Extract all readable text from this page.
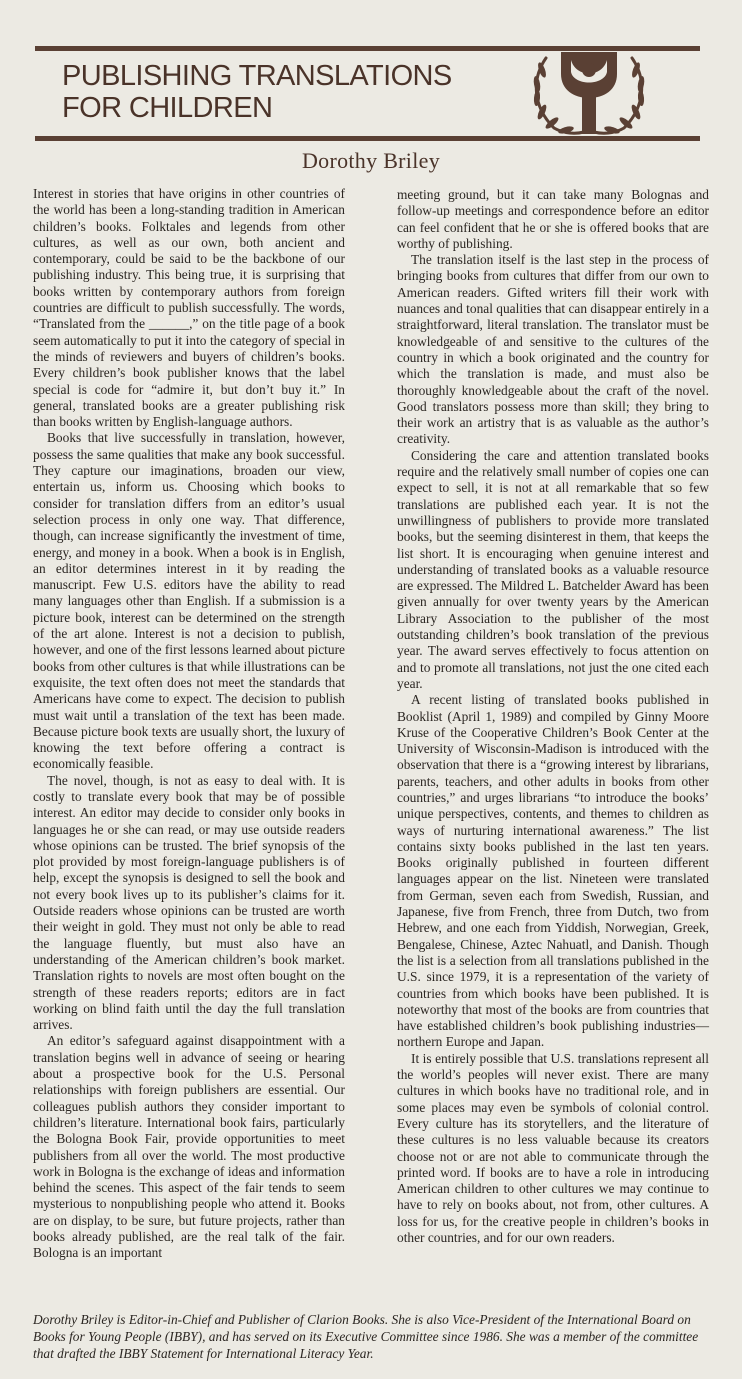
PUBLISHING TRANSLATIONS
FOR CHILDREN
Dorothy Briley

Interest in stories that have origins in other countries of the world has been a long-standing tradition in American children’s books. Folktales and legends from other cultures, as well as our own, both ancient and contemporary, could be said to be the backbone of our publishing industry. This being true, it is surprising that books written by contemporary authors from foreign countries are difficult to publish successfully. The words, “Translated from the ______,” on the title page of a book seem automatically to put it into the category of special in the minds of reviewers and buyers of children’s books. Every children’s book publisher knows that the label special is code for “admire it, but don’t buy it.” In general, translated books are a greater publishing risk than books written by English-language authors.

Books that live successfully in translation, however, possess the same qualities that make any book successful. They capture our imaginations, broaden our view, entertain us, inform us. Choosing which books to consider for translation differs from an editor’s usual selection process in only one way. That difference, though, can increase significantly the investment of time, energy, and money in a book. When a book is in English, an editor determines interest in it by reading the manuscript. Few U.S. editors have the ability to read many languages other than English. If a submission is a picture book, interest can be determined on the strength of the art alone. Interest is not a decision to publish, however, and one of the first lessons learned about picture books from other cultures is that while illustrations can be exquisite, the text often does not meet the standards that Americans have come to expect. The decision to publish must wait until a translation of the text has been made. Because picture book texts are usually short, the luxury of knowing the text before offering a contract is economically feasible.

The novel, though, is not as easy to deal with. It is costly to translate every book that may be of possible interest. An editor may decide to consider only books in languages he or she can read, or may use outside readers whose opinions can be trusted. The brief synopsis of the plot provided by most foreign-language publishers is of help, except the synopsis is designed to sell the book and not every book lives up to its publisher’s claims for it. Outside readers whose opinions can be trusted are worth their weight in gold. They must not only be able to read the language fluently, but must also have an understanding of the American children’s book market. Translation rights to novels are most often bought on the strength of these readers reports; editors are in fact working on blind faith until the day the full translation arrives.

An editor’s safeguard against disappointment with a translation begins well in advance of seeing or hearing about a prospective book for the U.S. Personal relationships with foreign publishers are essential. Our colleagues publish authors they consider important to children’s literature. International book fairs, particularly the Bologna Book Fair, provide opportunities to meet publishers from all over the world. The most productive work in Bologna is the exchange of ideas and information behind the scenes. This aspect of the fair tends to seem mysterious to nonpublishing people who attend it. Books are on display, to be sure, but future projects, rather than books already published, are the real talk of the fair. Bologna is an important

meeting ground, but it can take many Bolognas and follow-up meetings and correspondence before an editor can feel confident that he or she is offered books that are worthy of publishing.

The translation itself is the last step in the process of bringing books from cultures that differ from our own to American readers. Gifted writers fill their work with nuances and tonal qualities that can disappear entirely in a straightforward, literal translation. The translator must be knowledgeable of and sensitive to the cultures of the country in which a book originated and the country for which the translation is made, and must also be thoroughly knowledgeable about the craft of the novel. Good translators possess more than skill; they bring to their work an artistry that is as valuable as the author’s creativity.

Considering the care and attention translated books require and the relatively small number of copies one can expect to sell, it is not at all remarkable that so few translations are published each year. It is not the unwillingness of publishers to provide more translated books, but the seeming disinterest in them, that keeps the list short. It is encouraging when genuine interest and understanding of translated books as a valuable resource are expressed. The Mildred L. Batchelder Award has been given annually for over twenty years by the American Library Association to the publisher of the most outstanding children’s book translation of the previous year. The award serves effectively to focus attention on and to promote all translations, not just the one cited each year.

A recent listing of translated books published in Booklist (April 1, 1989) and compiled by Ginny Moore Kruse of the Cooperative Children’s Book Center at the University of Wisconsin-Madison is introduced with the observation that there is a “growing interest by librarians, parents, teachers, and other adults in books from other countries,” and urges librarians “to introduce the books’ unique perspectives, contents, and themes to children as ways of nurturing international awareness.” The list contains sixty books published in the last ten years. Books originally published in fourteen different languages appear on the list. Nineteen were translated from German, seven each from Swedish, Russian, and Japanese, five from French, three from Dutch, two from Hebrew, and one each from Yiddish, Norwegian, Greek, Bengalese, Chinese, Aztec Nahuatl, and Danish. Though the list is a selection from all translations published in the U.S. since 1979, it is a representation of the variety of countries from which books have been published. It is noteworthy that most of the books are from countries that have established children’s book publishing industries—northern Europe and Japan.

It is entirely possible that U.S. translations represent all the world’s peoples will never exist. There are many cultures in which books have no traditional role, and in some places may even be symbols of colonial control. Every culture has its storytellers, and the literature of these cultures is no less valuable because its creators choose not or are not able to communicate through the printed word. If books are to have a role in introducing American children to other cultures we may continue to have to rely on books about, not from, other cultures. A loss for us, for the creative people in children’s books in other countries, and for our own readers.

Dorothy Briley is Editor-in-Chief and Publisher of Clarion Books. She is also Vice-President of the International Board on Books for Young People (IBBY), and has served on its Executive Committee since 1986. She was a member of the committee that drafted the IBBY Statement for International Literacy Year.
